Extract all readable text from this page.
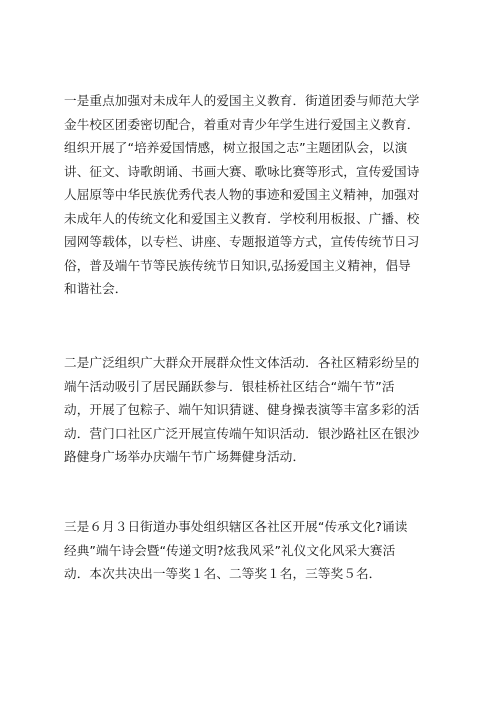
一是重点加强对未成年人的爱国主义教育．街道团委与师范大学
金牛校区团委密切配合，着重对青少年学生进行爱国主义教育．
组织开展了“培养爱国情感，树立报国之志”主题团队会，以演
讲、征文、诗歌朗诵、书画大赛、歌咏比赛等形式，宣传爱国诗
人屈原等中华民族优秀代表人物的事迹和爱国主义精神，加强对
未成年人的传统文化和爱国主义教育．学校利用板报、广播、校
园网等载体，以专栏、讲座、专题报道等方式，宣传传统节日习
俗，普及端午节等民族传统节日知识,弘扬爱国主义精神，倡导
和谐社会．

二是广泛组织广大群众开展群众性文体活动．各社区精彩纷呈的
端午活动吸引了居民踊跃参与．银桂桥社区结合“端午节”活
动，开展了包粽子、端午知识猜谜、健身操表演等丰富多彩的活
动．营门口社区广泛开展宣传端午知识活动．银沙路社区在银沙
路健身广场举办庆端午节广场舞健身活动．

三是６月３日街道办事处组织辖区各社区开展“传承文化?诵读
经典”端午诗会暨“传递文明?炫我风采”礼仪文化风采大赛活
动．本次共决出一等奖１名、二等奖１名，三等奖５名．
